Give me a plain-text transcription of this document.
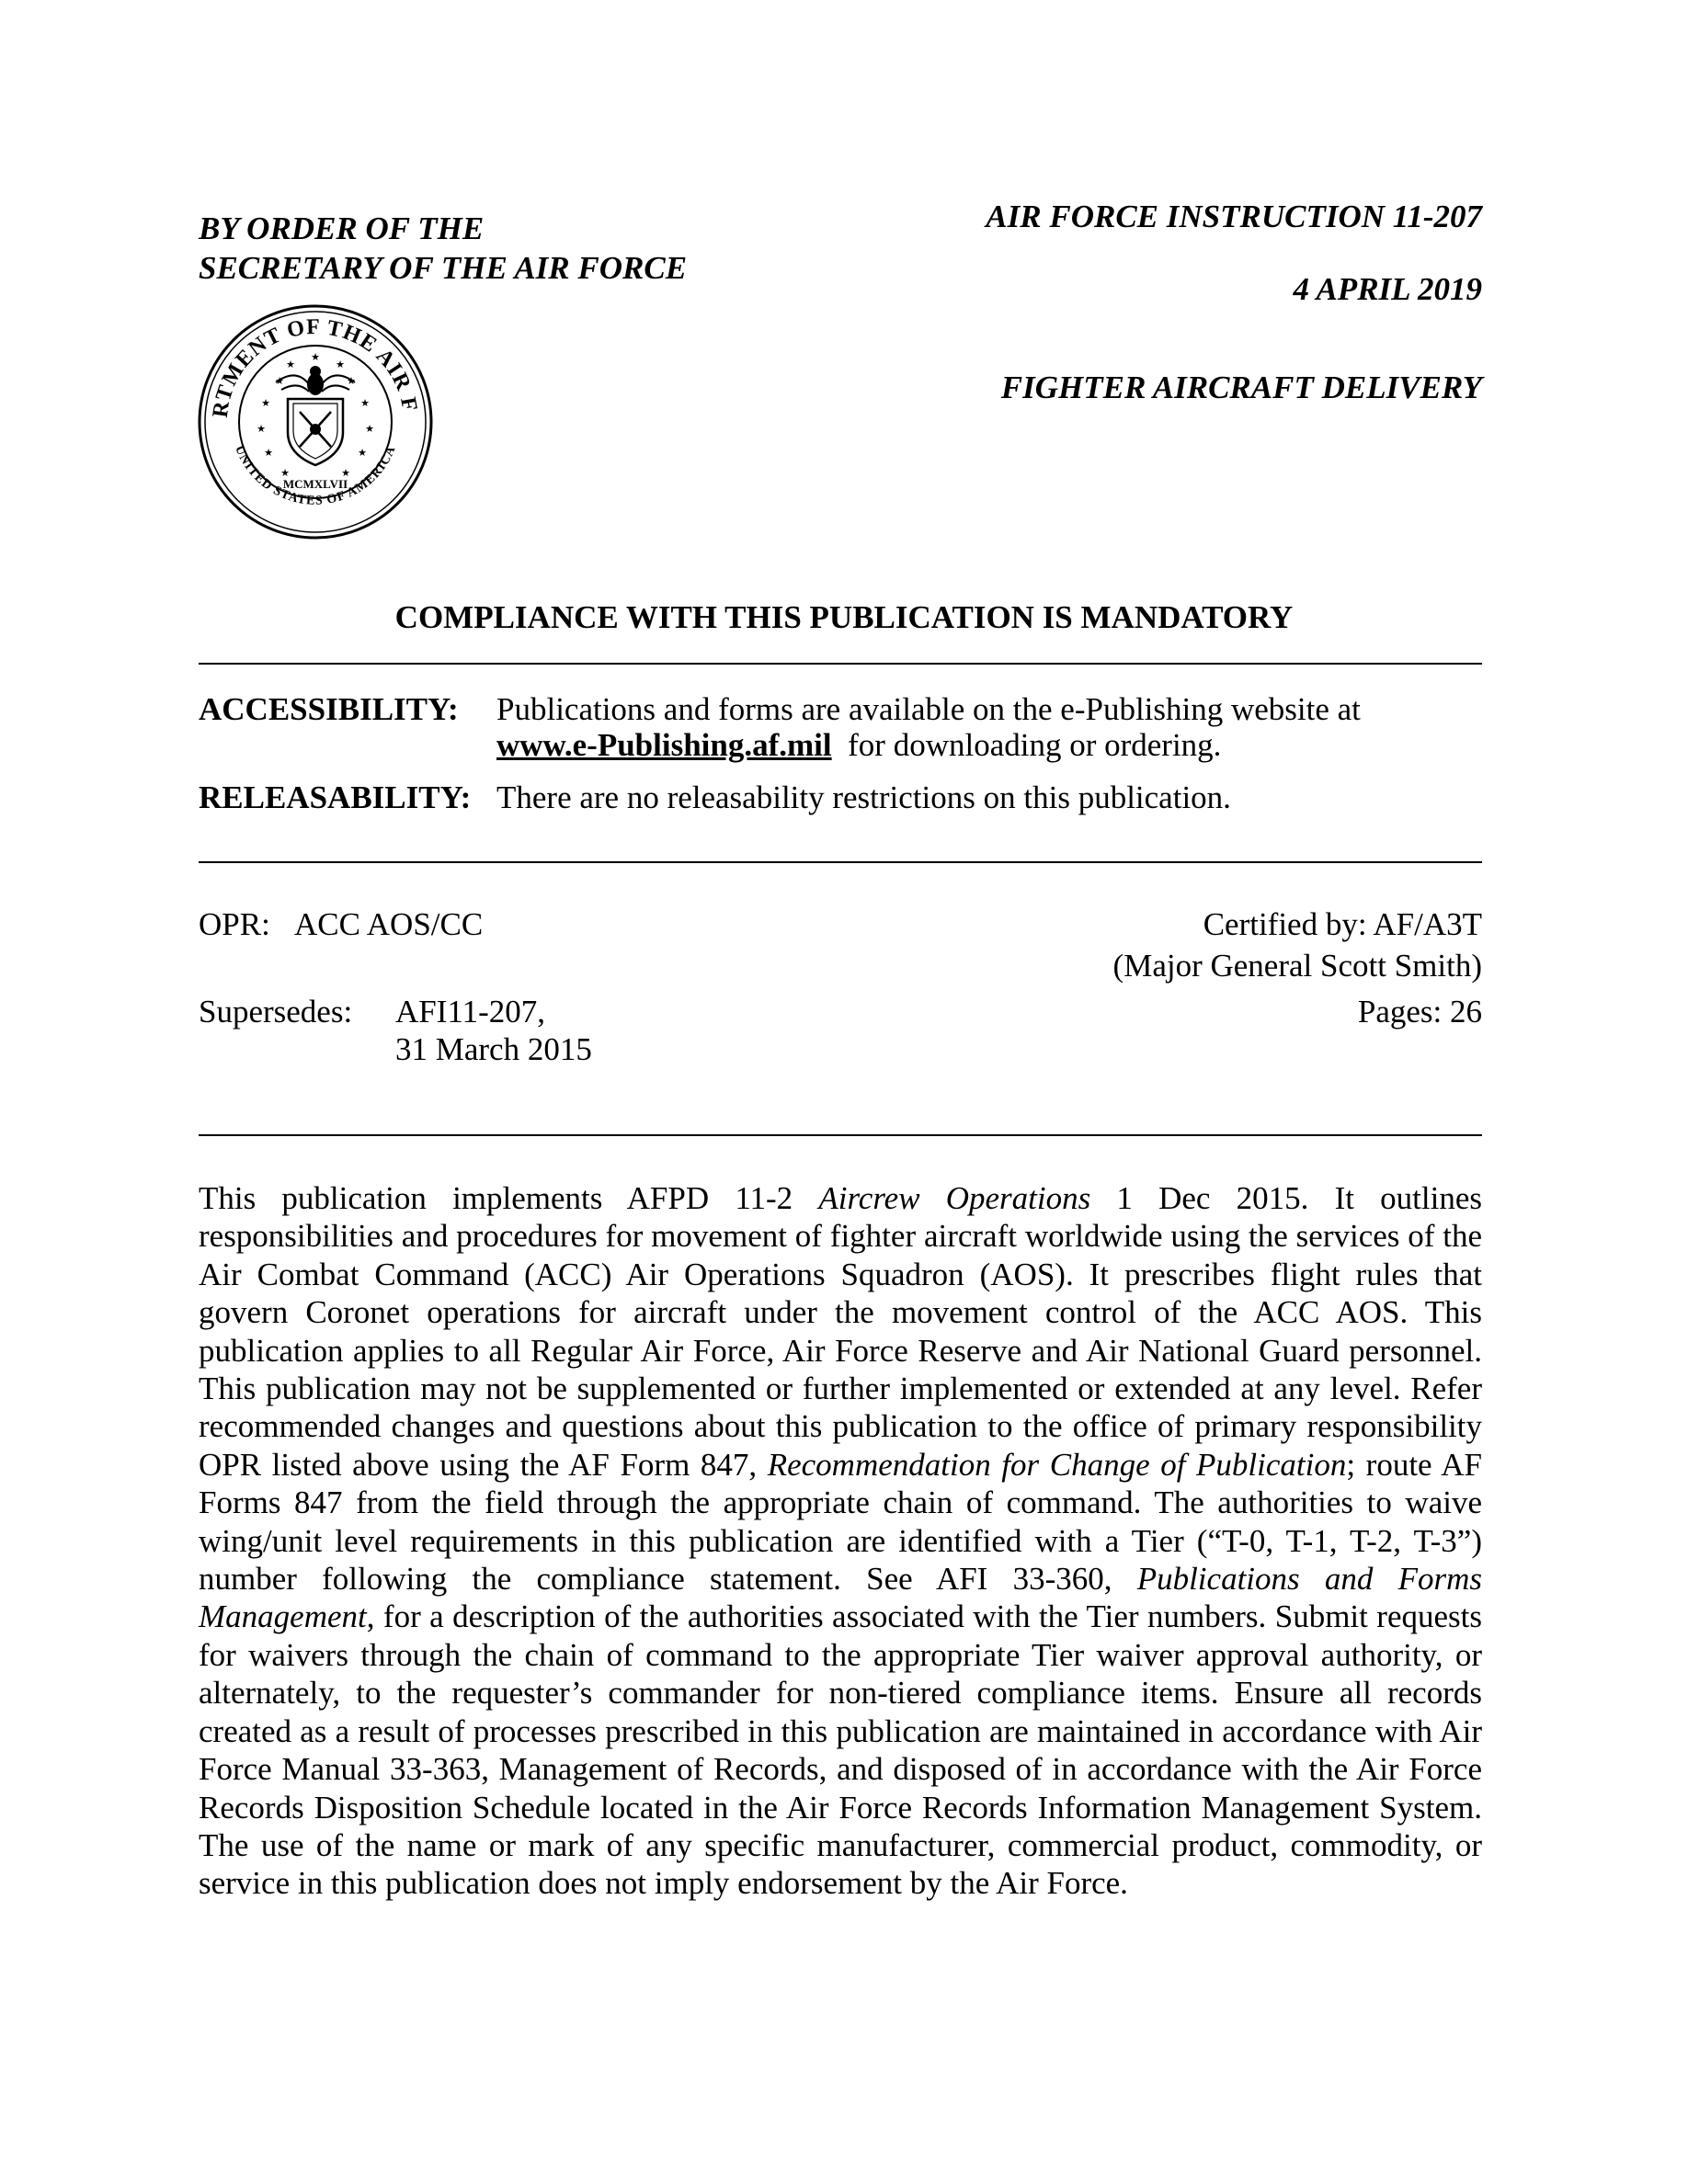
BY ORDER OF THE
SECRETARY OF THE AIR FORCE
AIR FORCE INSTRUCTION 11-207
4 APRIL 2019
FIGHTER AIRCRAFT DELIVERY
RTMENT OF THE AIR F
UNITED STATES OF AMERICA
★
★
★
★
★
★
★
★
★
★	★
★	★
MCMXLVII
COMPLIANCE WITH THIS PUBLICATION IS MANDATORY
ACCESSIBILITY: Publications and forms are available on the e-Publishing website at
www.e-Publishing.af.mil for downloading or ordering.
RELEASABILITY: There are no releasability restrictions on this publication.
OPR: ACC AOS/CC	Certified by: AF/A3T
(Major General Scott Smith)
Supersedes: AFI11-207,
31 March 2015
Pages: 26

This publication implements AFPD 11-2 Aircrew Operations 1 Dec 2015. It outlines responsibilities and procedures for movement of fighter aircraft worldwide using the services of the Air Combat Command (ACC) Air Operations Squadron (AOS). It prescribes flight rules that govern Coronet operations for aircraft under the movement control of the ACC AOS. This publication applies to all Regular Air Force, Air Force Reserve and Air National Guard personnel. This publication may not be supplemented or further implemented or extended at any level. Refer recommended changes and questions about this publication to the office of primary responsibility OPR listed above using the AF Form 847, Recommendation for Change of Publication; route AF Forms 847 from the field through the appropriate chain of command. The authorities to waive wing/unit level requirements in this publication are identified with a Tier (“T-0, T-1, T-2, T-3”) number following the compliance statement. See AFI 33-360, Publications and Forms Management, for a description of the authorities associated with the Tier numbers. Submit requests for waivers through the chain of command to the appropriate Tier waiver approval authority, or alternately, to the requester’s commander for non-tiered compliance items. Ensure all records created as a result of processes prescribed in this publication are maintained in accordance with Air Force Manual 33-363, Management of Records, and disposed of in accordance with the Air Force Records Disposition Schedule located in the Air Force Records Information Management System. The use of the name or mark of any specific manufacturer, commercial product, commodity, or service in this publication does not imply endorsement by the Air Force.
